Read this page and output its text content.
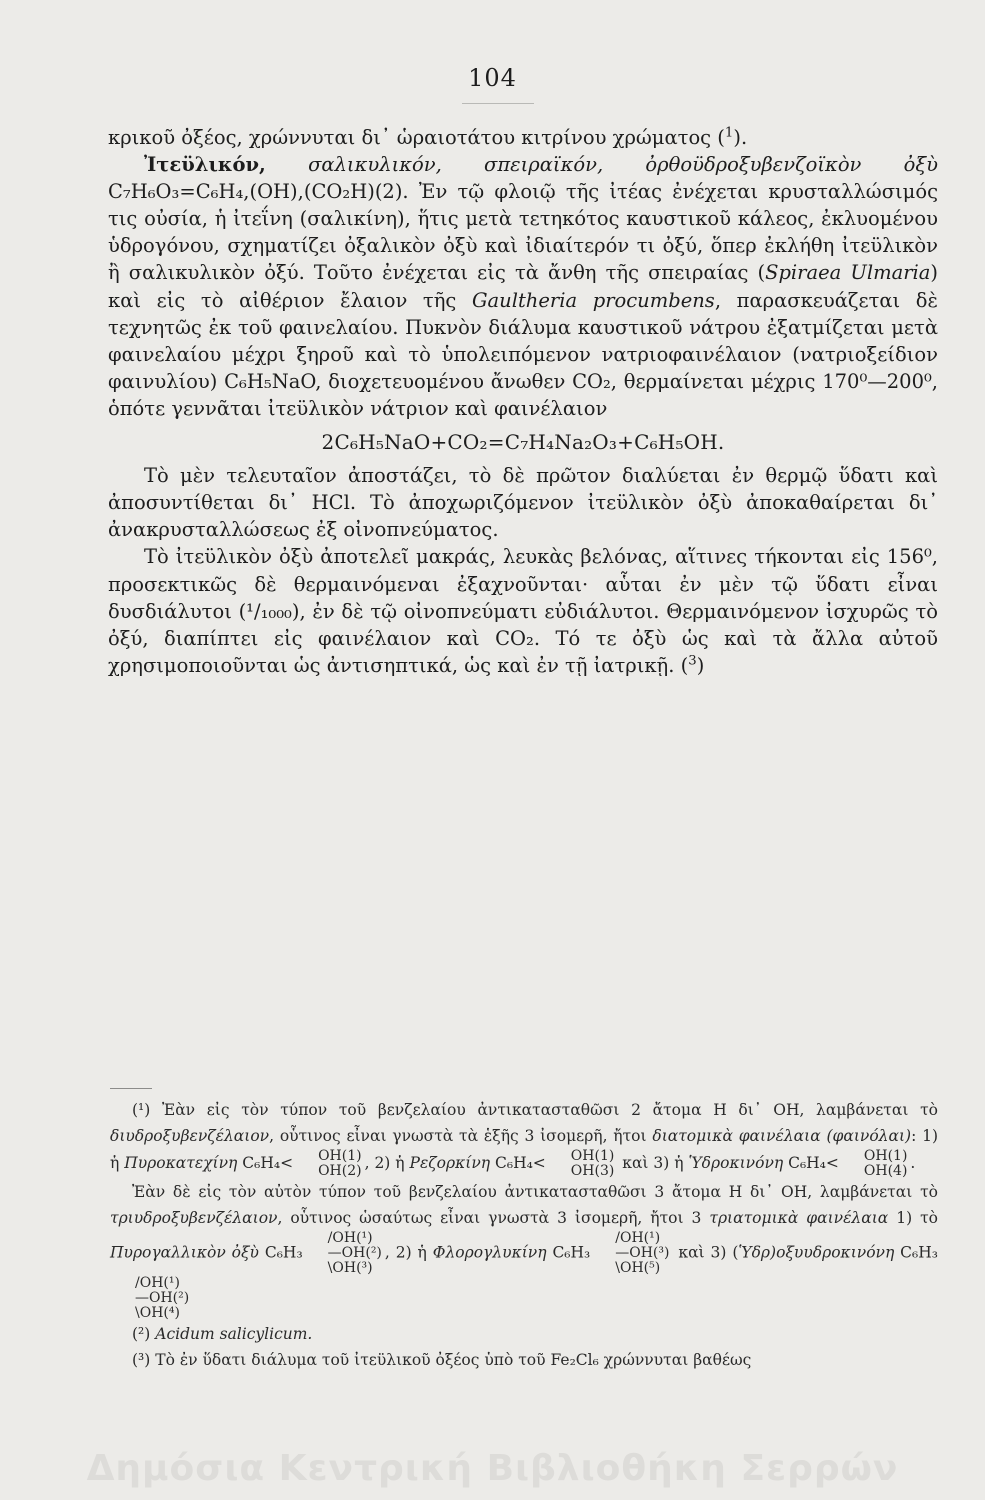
104

κρικοῦ ὀξέος, χρώννυται δι᾿ ὡραιοτάτου κιτρίνου χρώματος ($^1$).

Ἰτεϋλικόν, σαλικυλικόν, σπειραϊκόν, ὀρθοϋδροξυβενζοϊκὸν ὀξὺ C₇H₆O₃=C₆H₄,(OH),(CO₂H)(2). Ἐν τῷ φλοιῷ τῆς ἰτέας ἐνέχεται κρυσταλλώσιμός τις οὐσία, ἡ ἰτεΐνη (σαλικίνη), ἥτις μετὰ τετηκότος καυστικοῦ κάλεος, ἐκλυομένου ὑδρογόνου, σχηματίζει ὀξαλικὸν ὀξὺ καὶ ἰδιαίτερόν τι ὀξύ, ὅπερ ἐκλήθη ἰτεϋλικὸν ἢ σαλικυλικὸν ὀξύ. Τοῦτο ἐνέχεται εἰς τὰ ἄνθη τῆς σπειραίας (Spiraea Ulmaria) καὶ εἰς τὸ αἰθέριον ἔλαιον τῆς Gaultheria procumbens, παρασκευάζεται δὲ τεχνητῶς ἐκ τοῦ φαινελαίου. Πυκνὸν διάλυμα καυστικοῦ νάτρου ἐξατμίζεται μετὰ φαινελαίου μέχρι ξηροῦ καὶ τὸ ὑπολειπόμενον νατριοφαινέλαιον (νατριοξείδιον φαινυλίου) C₆H₅NaO, διοχετευομένου ἄνωθεν CO₂, θερμαίνεται μέχρις 170⁰—200⁰, ὁπότε γεννᾶται ἰτεϋλικὸν νάτριον καὶ φαινέλαιον

2C₆H₅NaO+CO₂=C₇H₄Na₂O₃+C₆H₅OH.

Τὸ μὲν τελευταῖον ἀποστάζει, τὸ δὲ πρῶτον διαλύεται ἐν θερμῷ ὕδατι καὶ ἀποσυντίθεται δι᾿ HCl. Τὸ ἀποχωριζόμενον ἰτεϋλικὸν ὀξὺ ἀποκαθαίρεται δι᾿ ἀνακρυσταλλώσεως ἐξ οἰνοπνεύματος.

Τὸ ἰτεϋλικὸν ὀξὺ ἀποτελεῖ μακράς, λευκὰς βελόνας, αἵτινες τήκονται εἰς 156⁰, προσεκτικῶς δὲ θερμαινόμεναι ἐξαχνοῦνται· αὗται ἐν μὲν τῷ ὕδατι εἶναι δυσδιάλυτοι (¹/₁₀₀₀), ἐν δὲ τῷ οἰνοπνεύματι εὐδιάλυτοι. Θερμαινόμενον ἰσχυρῶς τὸ ὀξύ, διαπίπτει εἰς φαινέλαιον καὶ CO₂. Τό τε ὀξὺ ὡς καὶ τὰ ἄλλα αὐτοῦ χρησιμοποιοῦνται ὡς ἀντισηπτικά, ὡς καὶ ἐν τῇ ἰατρικῇ. ($^3$)

(¹) Ἐὰν εἰς τὸν τύπον τοῦ βενζελαίου ἀντικατασταθῶσι 2 ἄτομα H δι᾿ OH, λαμβάνεται τὸ διυδροξυβενζέλαιον, οὗτινος εἶναι γνωστὰ τὰ ἑξῆς 3 ἰσομερῆ, ἤτοι διατομικὰ φαινέλαια (φαινόλαι): 1) ἡ Πυροκατεχίνη C₆H₄<	OH(1)
OH(2) , 2) ἡ Ρεζορκίνη C₆H₄<	OH(1)
OH(3) καὶ 3) ἡ Ὑδροκινόνη C₆H₄<	OH(1)
OH(4) .

Ἐὰν δὲ εἰς τὸν αὐτὸν τύπον τοῦ βενζελαίου ἀντικατασταθῶσι 3 ἄτομα H δι᾿ OH, λαμβάνεται τὸ τριυδροξυβενζέλαιον, οὗτινος ὡσαύτως εἶναι γνωστὰ 3 ἰσομερῆ, ἤτοι 3 τριατομικὰ φαινέλαια 1) τὸ Πυρογαλλικὸν ὀξὺ C₆H₃
/OH(¹)
—OH(²)
\OH(³)
, 2) ἡ Φλορογλυκίνη C₆H₃
/OH(¹)
—OH(³)
\OH(⁵)
καὶ 3) (Ὑδρ)οξυυδροκινόνη C₆H₃
/OH(¹)
—OH(²)
\OH(⁴)

(²) Acidum salicylicum.

(³) Τὸ ἐν ὕδατι διάλυμα τοῦ ἰτεϋλικοῦ ὀξέος ὑπὸ τοῦ Fe₂Cl₆ χρώννυται βαθέως

Δημόσια Κεντρική Βιβλιοθήκη Σερρών
